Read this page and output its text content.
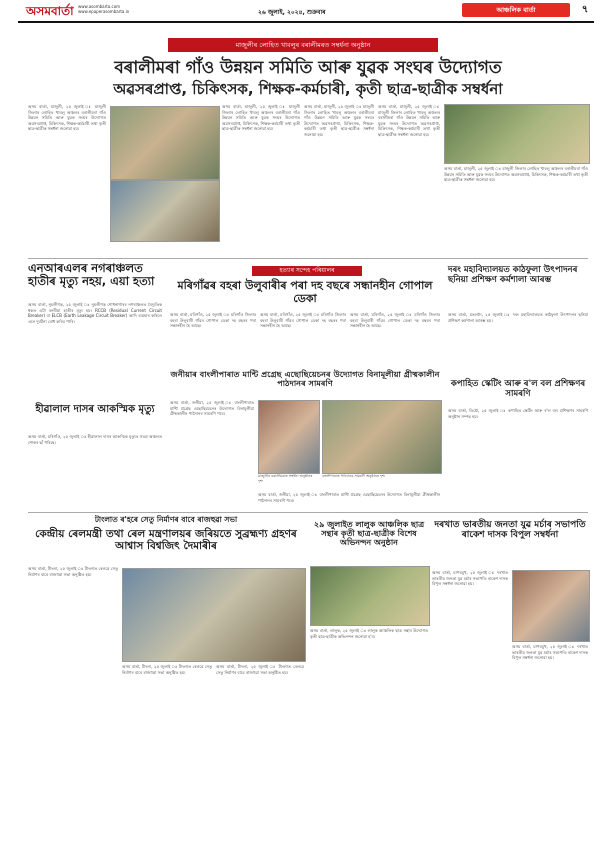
অসমবাৰ্তা www.asombarta.com
www.epaperasombarta.in	২৬ জুলাই, ২০২৪, শুক্ৰবাৰ	আঞ্চলিক বাৰ্তা	৭
মাজুলীৰ লোহিত খাবলুৰ বৰালীমৰত সম্বৰ্ধনা অনুষ্ঠান
বৰালীমৰা গাঁও উন্নয়ন সমিতি আৰু যুৱক সংঘৰ উদ্যোগত
অৱসৰপ্ৰাপ্ত, চিকিৎসক, শিক্ষক-কৰ্মচাৰী, কৃতী ছাত্ৰ-ছাত্ৰীক সম্বৰ্ধনা
অসম বাৰ্তা, মাজুলী, ২৫ জুলাই ঃ মাজুলী জিলাৰ লোহিত খাবলু অঞ্চলৰ বৰালীমৰা গাঁও উন্নয়ন সমিতি আৰু যুৱক সংঘৰ উদ্যোগত অৱসৰপ্ৰাপ্ত, চিকিৎসক, শিক্ষক-কৰ্মচাৰী তথা কৃতী ছাত্ৰ-ছাত্ৰীক সম্বৰ্ধনা জনোৱা হয়।
অসম বাৰ্তা, মাজুলী, ২৫ জুলাই ঃ মাজুলী জিলাৰ লোহিত খাবলু অঞ্চলৰ বৰালীমৰা গাঁও উন্নয়ন সমিতি আৰু যুৱক সংঘৰ উদ্যোগত অৱসৰপ্ৰাপ্ত, চিকিৎসক, শিক্ষক-কৰ্মচাৰী তথা কৃতী ছাত্ৰ-ছাত্ৰীক সম্বৰ্ধনা জনোৱা হয়।
অসম বাৰ্তা, মাজুলী, ২৫ জুলাই ঃ মাজুলী জিলাৰ লোহিত খাবলু অঞ্চলৰ বৰালীমৰা গাঁও উন্নয়ন সমিতি আৰু যুৱক সংঘৰ উদ্যোগত অৱসৰপ্ৰাপ্ত, চিকিৎসক, শিক্ষক-কৰ্মচাৰী তথা কৃতী ছাত্ৰ-ছাত্ৰীক সম্বৰ্ধনা জনোৱা হয়।
অসম বাৰ্তা, মাজুলী, ২৫ জুলাই ঃ মাজুলী জিলাৰ লোহিত খাবলু অঞ্চলৰ বৰালীমৰা গাঁও উন্নয়ন সমিতি আৰু যুৱক সংঘৰ উদ্যোগত অৱসৰপ্ৰাপ্ত, চিকিৎসক, শিক্ষক-কৰ্মচাৰী তথা কৃতী ছাত্ৰ-ছাত্ৰীক সম্বৰ্ধনা জনোৱা হয়।
অসম বাৰ্তা, মাজুলী, ২৫ জুলাই ঃ মাজুলী জিলাৰ লোহিত খাবলু অঞ্চলৰ বৰালীমৰা গাঁও উন্নয়ন সমিতি আৰু যুৱক সংঘৰ উদ্যোগত অৱসৰপ্ৰাপ্ত, চিকিৎসক, শিক্ষক-কৰ্মচাৰী তথা কৃতী ছাত্ৰ-ছাত্ৰীক সম্বৰ্ধনা জনোৱা হয়।
এনআৰএলৰ নগৰাঞ্চলত হাতীৰ মৃত্যু নহয়, এয়া হত্যা
অসম বাৰ্তা, নুমলীগড়, ২৫ জুলাই ঃ নুমলীগড় শোধনাগাৰৰ নগৰাঞ্চলত বৈদ্যুতিক শ্বকত এটা বনৰীয়া হাতীৰ মৃত্যু হয়। RCCB (Residual Current Circuit Breaker) বা ELCB (Earth Leakage Circuit Breaker) আদি ব্যৱহাৰ কৰিলে এনে দুৰ্ঘটনা ৰোধ কৰিব পাৰি।
হীৱালাল দাসৰ আকস্মিক মৃত্যু
অসম বাৰ্তা, মৰিগাঁও, ২৫ জুলাই ঃ হীৱালাল দাসৰ আকস্মিক মৃত্যুত সমগ্ৰ অঞ্চলত শোকৰ ছাঁ পৰিছে।
হত্যাৰ সন্দেহ পৰিয়ালৰ
মৰিগাঁৱৰ বহৰা উলুবাৰীৰ পৰা দহ বছৰে সন্ধানহীন গোপাল ডেকা
অসম বাৰ্তা, মৰিগাঁও, ২৫ জুলাই ঃ মৰিগাঁও জিলাৰ বহৰা উলুবাৰী গাঁৱৰ গোপাল ডেকা দহ বছৰৰ পৰা সন্ধানহীন হৈ আছে।
অসম বাৰ্তা, মৰিগাঁও, ২৫ জুলাই ঃ মৰিগাঁও জিলাৰ বহৰা উলুবাৰী গাঁৱৰ গোপাল ডেকা দহ বছৰৰ পৰা সন্ধানহীন হৈ আছে।
অসম বাৰ্তা, মৰিগাঁও, ২৫ জুলাই ঃ মৰিগাঁও জিলাৰ বহৰা উলুবাৰী গাঁৱৰ গোপাল ডেকা দহ বছৰৰ পৰা সন্ধানহীন হৈ আছে।
দৰং মহাবিদ্যালয়ত কাঠফুলা উৎপাদনৰ ছনিয়া প্ৰশিক্ষণ কৰ্মশালা আৰম্ভ
অসম বাৰ্তা, মঙলদৈ, ২৫ জুলাই ঃ দৰং মহাবিদ্যালয়ত কাঠফুলা উৎপাদনৰ ছনিয়া প্ৰশিক্ষণ কৰ্মশালা আৰম্ভ হয়।
কপাহিত স্কেটিং আৰু ৰ'ল বল প্ৰশিক্ষণৰ সামৰণি
অসম বাৰ্তা, ডিমৌ, ২৫ জুলাই ঃ কপাহিত স্কেটিং আৰু ৰ'ল বল প্ৰশিক্ষণৰ সামৰণি অনুষ্ঠান সম্পন্ন হয়।
জনীয়াৰ বাংলীপাৰাত মান্টি প্ৰগ্ৰেছ এছোছিয়েচনৰ উদ্যোগত বিনামূলীয়া গ্ৰীষ্মকালীন পাঠদানৰ সামৰণি
অসম বাৰ্তা, জনীয়া, ২৫ জুলাই ঃ বাংলীপাৰাত মান্টি প্ৰগ্ৰেছ এছোছিয়েচনৰ উদ্যোগত বিনামূলীয়া গ্ৰীষ্মকালীন পাঠদানৰ সামৰণি পৰে।
মাজুলীৰ বৰালীমৰাত সম্বৰ্ধনা অনুষ্ঠানৰ দৃশ্য
বাংলীপাৰাত পাঠদানৰ সামৰণি অনুষ্ঠানৰ দৃশ্য
অসম বাৰ্তা, জনীয়া, ২৫ জুলাই ঃ বাংলীপাৰাত মান্টি প্ৰগ্ৰেছ এছোছিয়েচনৰ উদ্যোগত বিনামূলীয়া গ্ৰীষ্মকালীন পাঠদানৰ সামৰণি পৰে।
টাংলাত ৰ'হৰে সেতু নিৰ্মাণৰ বাবে ৰাজহুৱা সভা
কেন্দ্ৰীয় ৰেলমন্ত্ৰী তথা ৰেল মন্ত্ৰণালয়ৰ জৰিয়তে সুব্ৰহ্মণ্য গ্ৰহণৰ আশ্বাস বিশ্বজিৎ দৈমাৰীৰ
অসম বাৰ্তা, টাংলা, ২৫ জুলাই ঃ টাংলাত ৰেলৱে সেতু নিৰ্মাণৰ বাবে ৰাজহুৱা সভা অনুষ্ঠিত হয়।
অসম বাৰ্তা, টাংলা, ২৫ জুলাই ঃ টাংলাত ৰেলৱে সেতু নিৰ্মাণৰ বাবে ৰাজহুৱা সভা অনুষ্ঠিত হয়।
অসম বাৰ্তা, টাংলা, ২৫ জুলাই ঃ টাংলাত ৰেলৱে সেতু নিৰ্মাণৰ বাবে ৰাজহুৱা সভা অনুষ্ঠিত হয়।
২৯ জুলাইত লালুক আঞ্চলিক ছাত্ৰ সন্থাৰ কৃতী ছাত্ৰ-ছাত্ৰীক বিশেষ অভিনন্দন অনুষ্ঠান
অসম বাৰ্তা, লালুক, ২৫ জুলাই ঃ লালুক আঞ্চলিক ছাত্ৰ সন্থাৰ উদ্যোগত কৃতী ছাত্ৰ-ছাত্ৰীক অভিনন্দন জনোৱা হ'ব।
দৰখাত ভাৰতীয় জনতা যুৱ মৰ্চাৰ সভাপতি ৰাকেশ দাসক বিপুল সম্বৰ্ধনা
অসম বাৰ্তা, চাপৰমুখ, ২৫ জুলাই ঃ দৰখাত ভাৰতীয় জনতা যুৱ মৰ্চাৰ সভাপতি ৰাকেশ দাসক বিপুল সম্বৰ্ধনা জনোৱা হয়।
অসম বাৰ্তা, চাপৰমুখ, ২৫ জুলাই ঃ দৰখাত ভাৰতীয় জনতা যুৱ মৰ্চাৰ সভাপতি ৰাকেশ দাসক বিপুল সম্বৰ্ধনা জনোৱা হয়।
